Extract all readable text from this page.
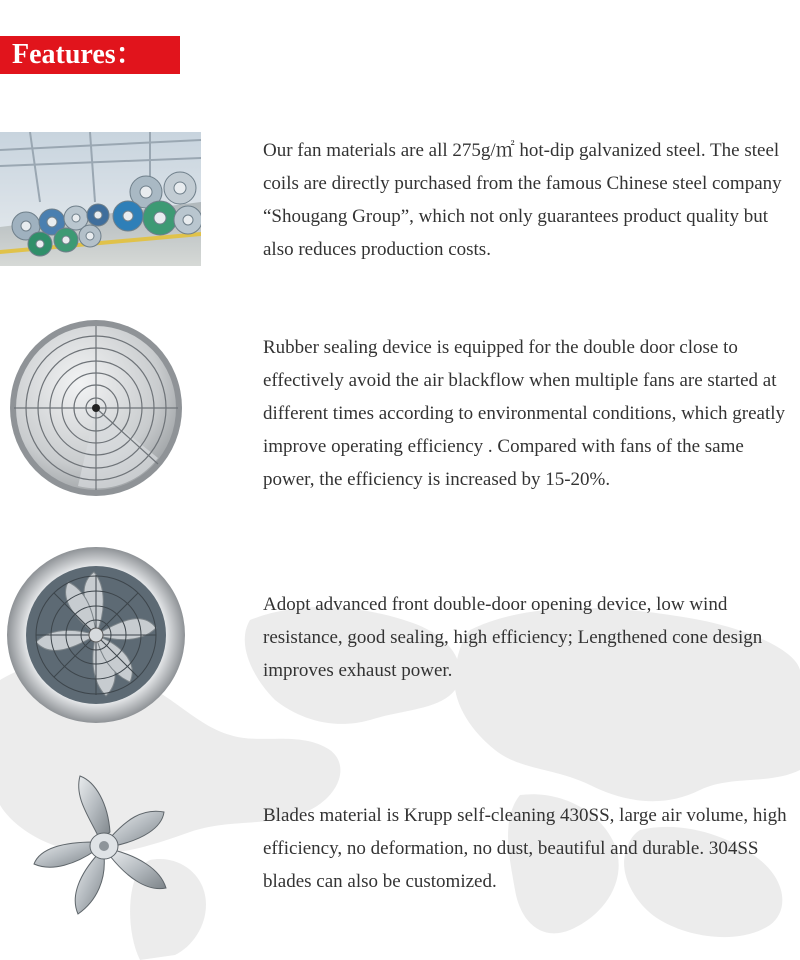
Features：
Our fan materials are all 275g/㎡ hot-dip galvanized steel. The steel coils are directly purchased from the famous Chinese steel company “Shougang Group”, which not only guarantees product quality but also reduces production costs.
Rubber sealing device is equipped for the double door close to effectively avoid the air blackflow when multiple fans are started at different times according to environmental conditions, which greatly improve operating efficiency . Compared with fans of the same power, the efficiency is increased by 15-20%.
Adopt advanced front double-door opening device, low wind resistance, good sealing, high efficiency; Lengthened cone design improves exhaust power.
Blades material is Krupp self-cleaning 430SS, large air volume, high efficiency, no deformation, no dust, beautiful and durable. 304SS blades can also be customized.
